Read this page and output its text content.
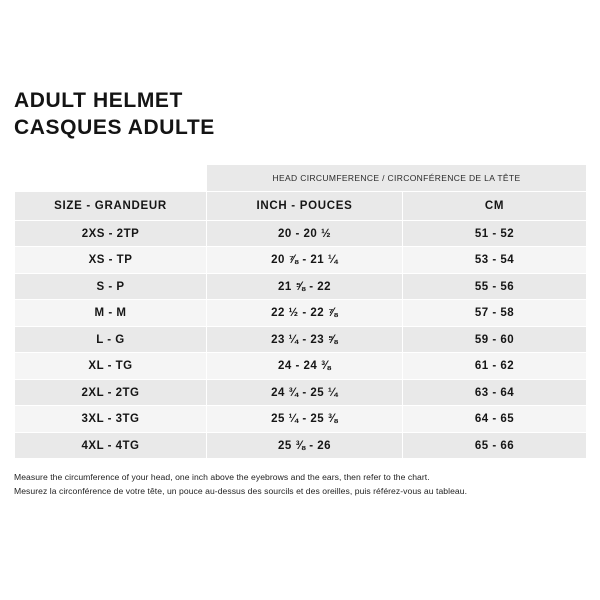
ADULT HELMET
CASQUES ADULTE
	HEAD CIRCUMFERENCE / CIRCONFÉRENCE DE LA TÊTE	
SIZE - GRANDEUR	INCH - POUCES	CM
2XS - 2TP	20 - 20 ½	51 - 52
XS - TP	20 ⅞ - 21 ¼	53 - 54
S - P	21 ⅝ - 22	55 - 56
M - M	22 ½ - 22 ⅞	57 - 58
L - G	23 ¼ - 23 ⅝	59 - 60
XL - TG	24 - 24 ⅜	61 - 62
2XL - 2TG	24 ¾ - 25 ¼	63 - 64
3XL - 3TG	25 ¼ - 25 ⅜	64 - 65
4XL - 4TG	25 ⅜ - 26	65 - 66
Measure the circumference of your head, one inch above the eyebrows and the ears, then refer to the chart.
Mesurez la circonférence de votre tête, un pouce au-dessus des sourcils et des oreilles, puis référez-vous au tableau.
